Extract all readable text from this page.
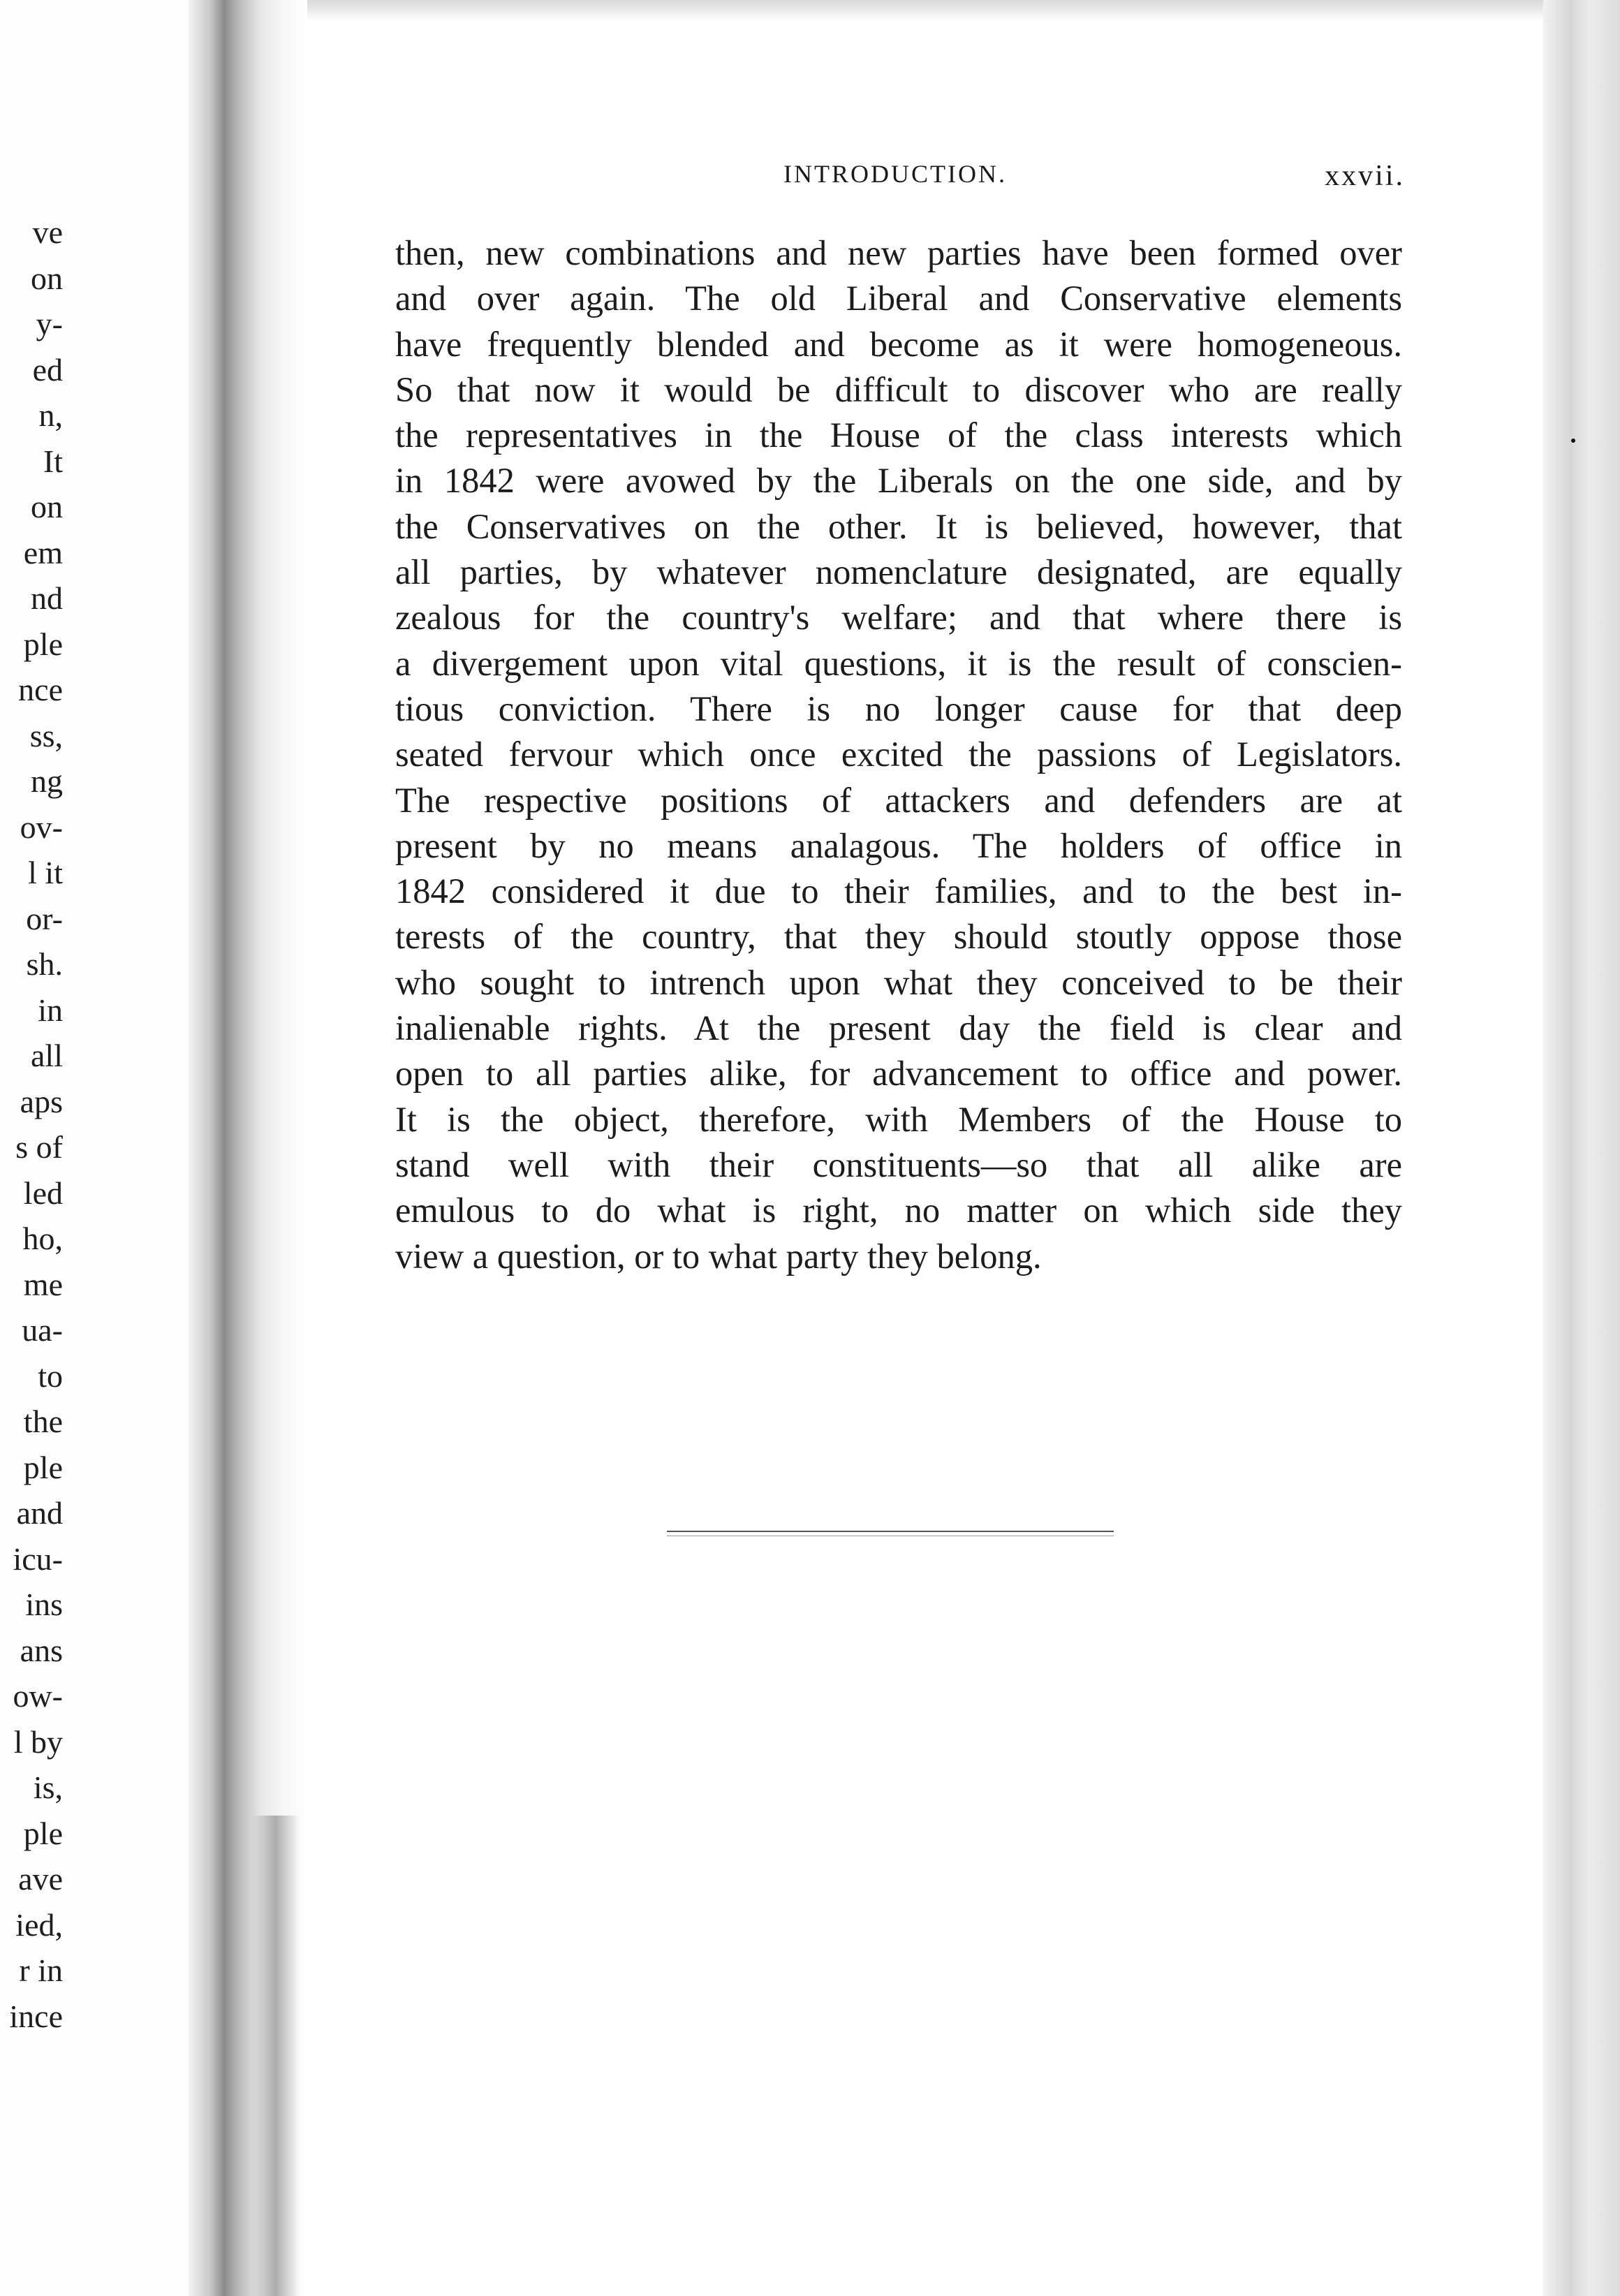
ve
on
y-
ed
n,
It
on
em
nd
ple
nce
ss,
ng
ov-
l it
or-
sh.
in
all
aps
s of
led
ho,
me
ua-
to
the
ple
and
icu-
ins
ans
ow-
l by
is,
ple
ave
ied,
r in
ince
INTRODUCTION.	xxvii.
then, new combinations and new parties have been formed over
and over again. The old Liberal and Conservative elements
have frequently blended and become as it were homogeneous.
So that now it would be difficult to discover who are really
the representatives in the House of the class interests which
in 1842 were avowed by the Liberals on the one side, and by
the Conservatives on the other. It is believed, however, that
all parties, by whatever nomenclature designated, are equally
zealous for the country's welfare; and that where there is
a divergement upon vital questions, it is the result of conscien-
tious conviction. There is no longer cause for that deep
seated fervour which once excited the passions of Legislators.
The respective positions of attackers and defenders are at
present by no means analagous. The holders of office in
1842 considered it due to their families, and to the best in-
terests of the country, that they should stoutly oppose those
who sought to intrench upon what they conceived to be their
inalienable rights. At the present day the field is clear and
open to all parties alike, for advancement to office and power.
It is the object, therefore, with Members of the House to
stand well with their constituents—so that all alike are
emulous to do what is right, no matter on which side they
view a question, or to what party they belong.
